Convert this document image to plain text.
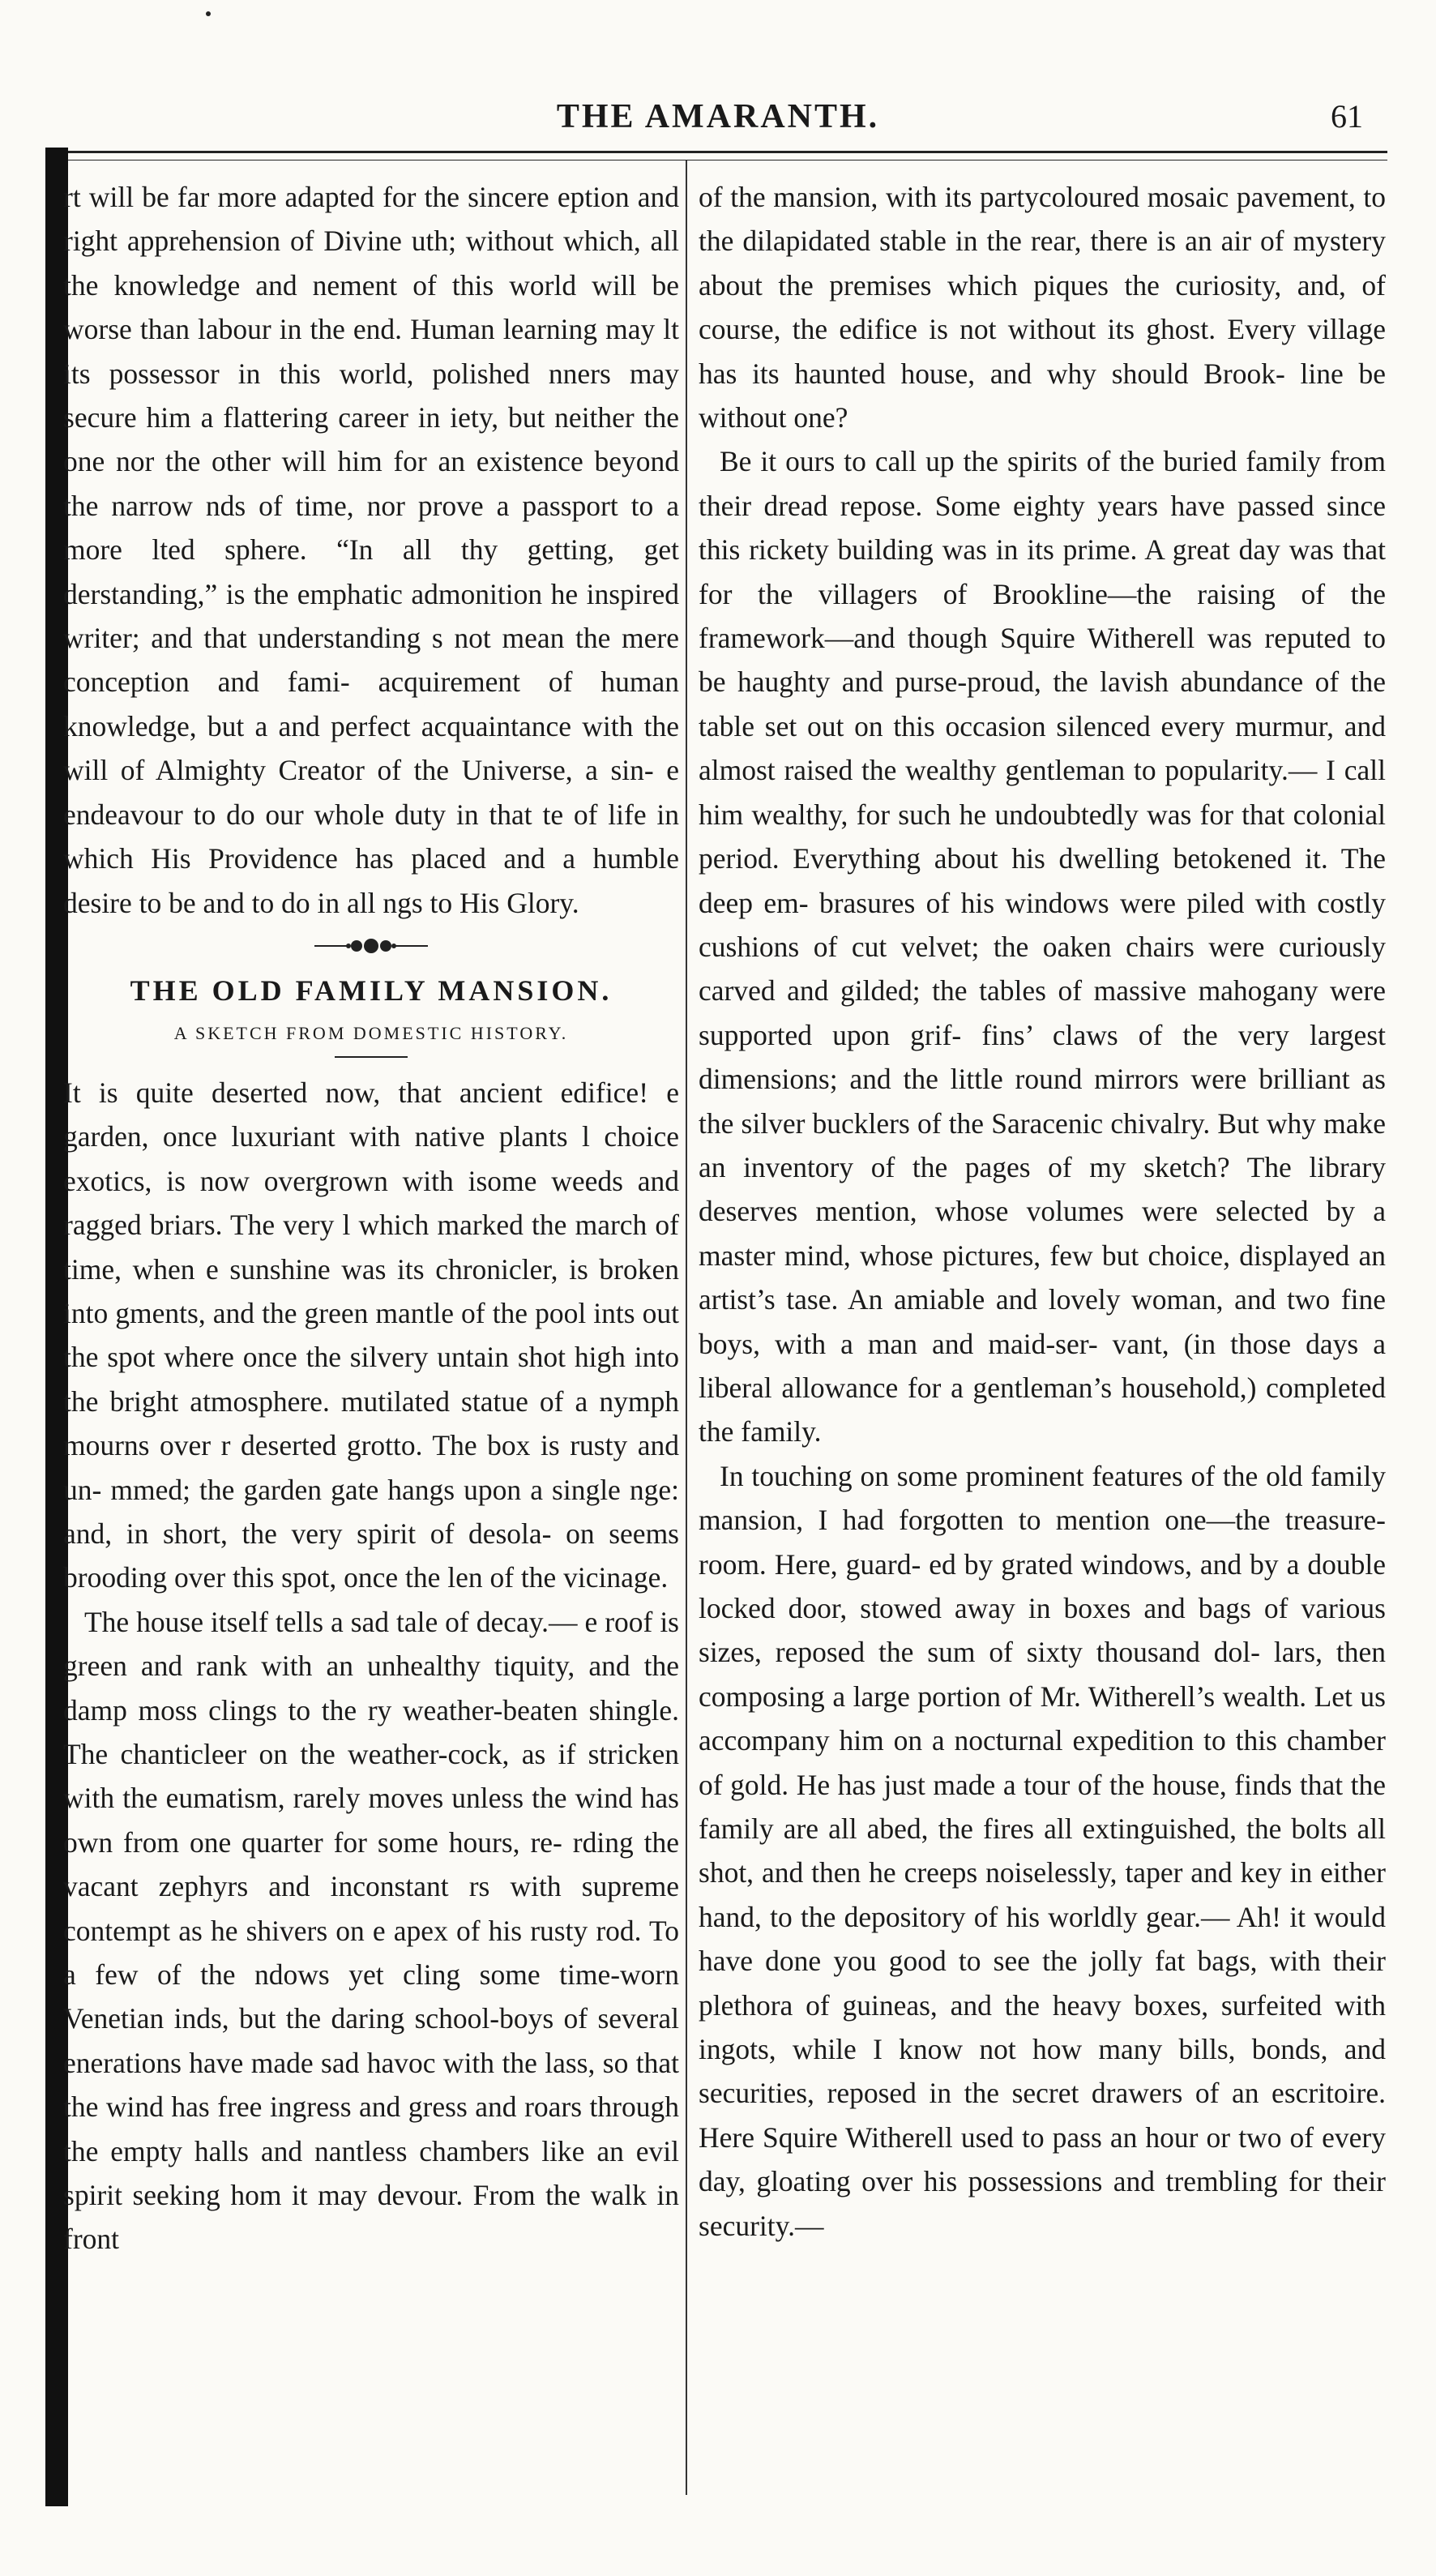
THE AMARANTH.	61

rt will be far more adapted for the sincere eption and right apprehension of Divine uth; without which, all the knowledge and nement of this world will be worse than labour in the end. Human learning may lt its possessor in this world, polished nners may secure him a flattering career in iety, but neither the one nor the other will him for an existence beyond the narrow nds of time, nor prove a passport to a more lted sphere. “In all thy getting, get derstanding,” is the emphatic admonition he inspired writer; and that understanding s not mean the mere conception and fami- acquirement of human knowledge, but a and perfect acquaintance with the will of Almighty Creator of the Universe, a sin- e endeavour to do our whole duty in that te of life in which His Providence has placed and a humble desire to be and to do in all ngs to His Glory.

THE OLD FAMILY MANSION.
A SKETCH FROM DOMESTIC HISTORY.

It is quite deserted now, that ancient edifice! e garden, once luxuriant with native plants l choice exotics, is now overgrown with isome weeds and ragged briars. The very l which marked the march of time, when e sunshine was its chronicler, is broken into gments, and the green mantle of the pool ints out the spot where once the silvery untain shot high into the bright atmosphere. mutilated statue of a nymph mourns over r deserted grotto. The box is rusty and un- mmed; the garden gate hangs upon a single nge: and, in short, the very spirit of desola- on seems brooding over this spot, once the len of the vicinage.

The house itself tells a sad tale of decay.— e roof is green and rank with an unhealthy tiquity, and the damp moss clings to the ry weather-beaten shingle. The chanticleer on the weather-cock, as if stricken with the eumatism, rarely moves unless the wind has own from one quarter for some hours, re- rding the vacant zephyrs and inconstant rs with supreme contempt as he shivers on e apex of his rusty rod. To a few of the ndows yet cling some time-worn Venetian inds, but the daring school-boys of several enerations have made sad havoc with the lass, so that the wind has free ingress and gress and roars through the empty halls and nantless chambers like an evil spirit seeking hom it may devour. From the walk in front

of the mansion, with its partycoloured mosaic pavement, to the dilapidated stable in the rear, there is an air of mystery about the premises which piques the curiosity, and, of course, the edifice is not without its ghost. Every village has its haunted house, and why should Brook- line be without one?

Be it ours to call up the spirits of the buried family from their dread repose. Some eighty years have passed since this rickety building was in its prime. A great day was that for the villagers of Brookline—the raising of the framework—and though Squire Witherell was reputed to be haughty and purse-proud, the lavish abundance of the table set out on this occasion silenced every murmur, and almost raised the wealthy gentleman to popularity.— I call him wealthy, for such he undoubtedly was for that colonial period. Everything about his dwelling betokened it. The deep em- brasures of his windows were piled with costly cushions of cut velvet; the oaken chairs were curiously carved and gilded; the tables of massive mahogany were supported upon grif- fins’ claws of the very largest dimensions; and the little round mirrors were brilliant as the silver bucklers of the Saracenic chivalry. But why make an inventory of the pages of my sketch? The library deserves mention, whose volumes were selected by a master mind, whose pictures, few but choice, displayed an artist’s tase. An amiable and lovely woman, and two fine boys, with a man and maid-ser- vant, (in those days a liberal allowance for a gentleman’s household,) completed the family.

In touching on some prominent features of the old family mansion, I had forgotten to mention one—the treasure-room. Here, guard- ed by grated windows, and by a double locked door, stowed away in boxes and bags of various sizes, reposed the sum of sixty thousand dol- lars, then composing a large portion of Mr. Witherell’s wealth. Let us accompany him on a nocturnal expedition to this chamber of gold. He has just made a tour of the house, finds that the family are all abed, the fires all extinguished, the bolts all shot, and then he creeps noiselessly, taper and key in either hand, to the depository of his worldly gear.— Ah! it would have done you good to see the jolly fat bags, with their plethora of guineas, and the heavy boxes, surfeited with ingots, while I know not how many bills, bonds, and securities, reposed in the secret drawers of an escritoire. Here Squire Witherell used to pass an hour or two of every day, gloating over his possessions and trembling for their security.—
